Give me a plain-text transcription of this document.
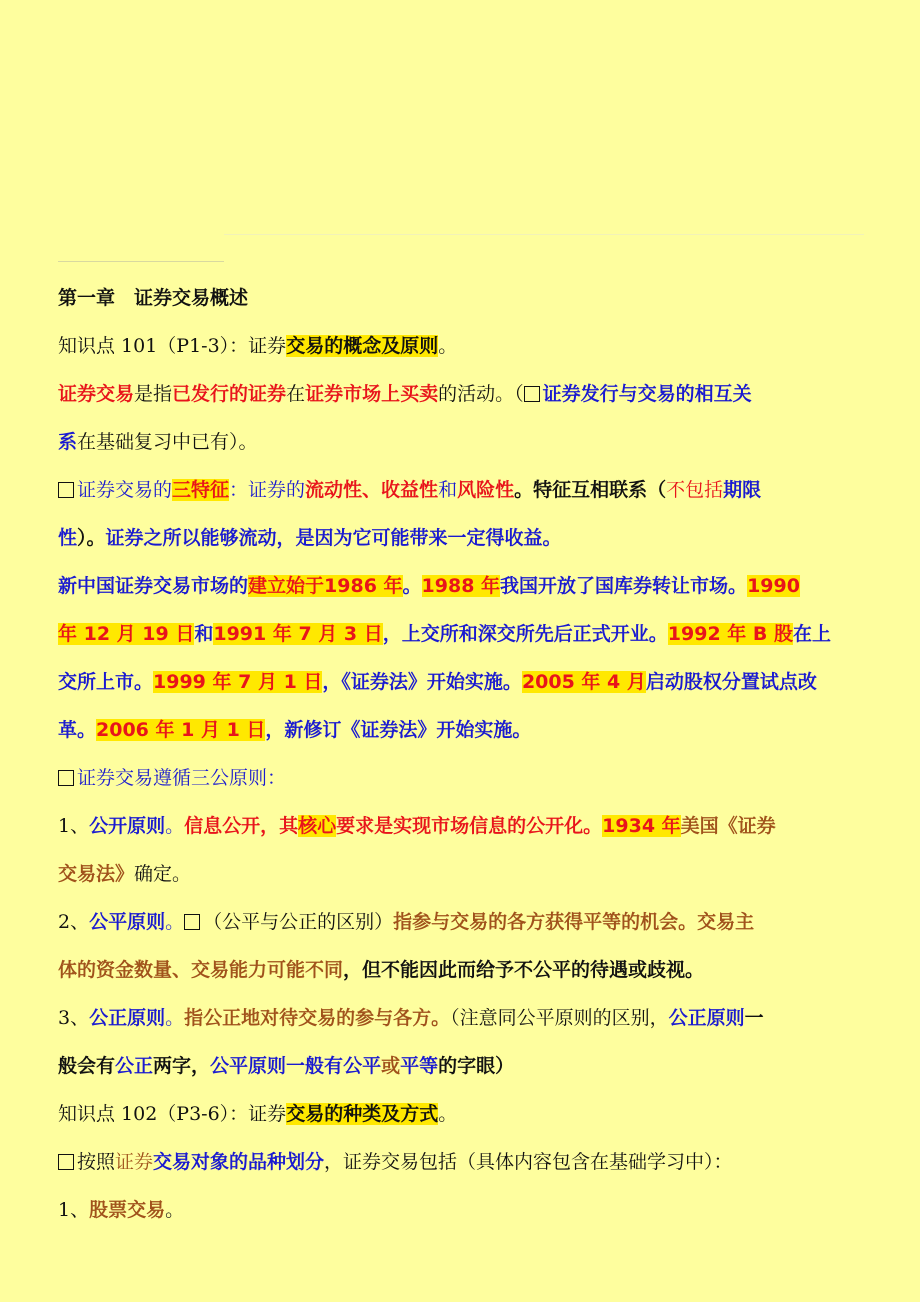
第一章　证券交易概述
知识点 101（P1-3）：证券交易的概念及原则。
证券交易是指已发行的证券在证券市场上买卖的活动。（ 证券发行与交易的相互关
系在基础复习中已有）。
证券交易的三特征：证券的流动性、收益性和风险性。特征互相联系（不包括期限
性）。证券之所以能够流动，是因为它可能带来一定得收益。
新中国证券交易市场的建立始于1986 年。1988 年我国开放了国库券转让市场。1990
年 12 月 19 日和1991 年 7 月 3 日，上交所和深交所先后正式开业。1992 年 B 股在上
交所上市。1999 年 7 月 1 日，《证券法》开始实施。2005 年 4 月启动股权分置试点改
革。2006 年 1 月 1 日，新修订《证券法》开始实施。
证券交易遵循三公原则：
1、公开原则。信息公开，其核心要求是实现市场信息的公开化。1934 年美国《证券
交易法》确定。
2、公平原则。 （公平与公正的区别）指参与交易的各方获得平等的机会。交易主
体的资金数量、交易能力可能不同，但不能因此而给予不公平的待遇或歧视。
3、公正原则。指公正地对待交易的参与各方。（注意同公平原则的区别，公正原则一
般会有公正两字，公平原则一般有公平或平等的字眼）
知识点 102（P3-6）：证券交易的种类及方式。
按照证券交易对象的品种划分，证券交易包括（具体内容包含在基础学习中）：
1、股票交易。
